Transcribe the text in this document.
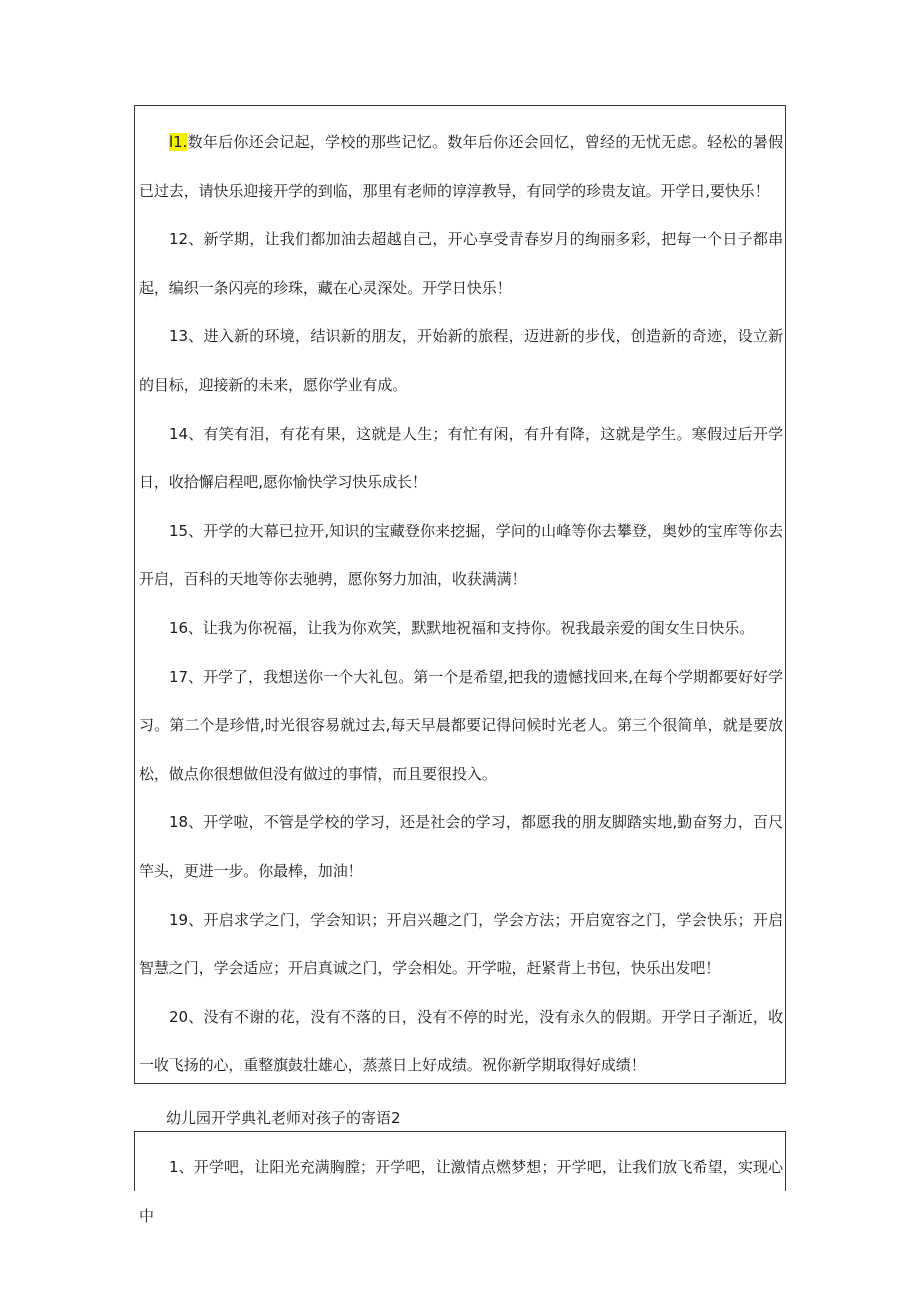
l1.数年后你还会记起，学校的那些记忆。数年后你还会回忆，曾经的无忧无虑。轻松的暑假已过去，请快乐迎接开学的到临，那里有老师的谆淳教导，有同学的珍贵友谊。开学日,要快乐！

12、新学期，让我们都加油去超越自己，开心享受青春岁月的绚丽多彩，把每一个日子都串起，编织一条闪亮的珍珠，藏在心灵深处。开学日快乐！

13、进入新的环境，结识新的朋友，开始新的旅程，迈进新的步伐，创造新的奇迹，设立新的目标，迎接新的未来，愿你学业有成。

14、有笑有泪，有花有果，这就是人生；有忙有闲，有升有降，这就是学生。寒假过后开学日，收拾懈启程吧,愿你愉快学习快乐成长！

15、开学的大幕已拉开,知识的宝藏登你来挖掘，学问的山峰等你去攀登，奥妙的宝库等你去开启，百科的天地等你去驰骋，愿你努力加油，收获满满！

16、让我为你祝福，让我为你欢笑，默默地祝福和支持你。祝我最亲爱的闺女生日快乐。

17、开学了，我想送你一个大礼包。第一个是希望,把我的遗憾找回来,在每个学期都要好好学习。第二个是珍惜,时光很容易就过去,每天早晨都要记得问候时光老人。第三个很简单，就是要放松，做点你很想做但没有做过的事情，而且要很投入。

18、开学啦，不管是学校的学习，还是社会的学习，都愿我的朋友脚踏实地,勤奋努力，百尺竿头，更进一步。你最棒，加油！

19、开启求学之门，学会知识；开启兴趣之门，学会方法；开启宽容之门，学会快乐；开启智慧之门，学会适应；开启真诚之门，学会相处。开学啦，赶紧背上书包，快乐出发吧！

20、没有不谢的花，没有不落的日，没有不停的时光，没有永久的假期。开学日子渐近，收一收飞扬的心，重整旗鼓壮雄心，蒸蒸日上好成绩。祝你新学期取得好成绩！

幼儿园开学典礼老师对孩子的寄语2

1、开学吧，让阳光充满胸膛；开学吧，让激情点燃梦想；开学吧，让我们放飞希望，实现心中
